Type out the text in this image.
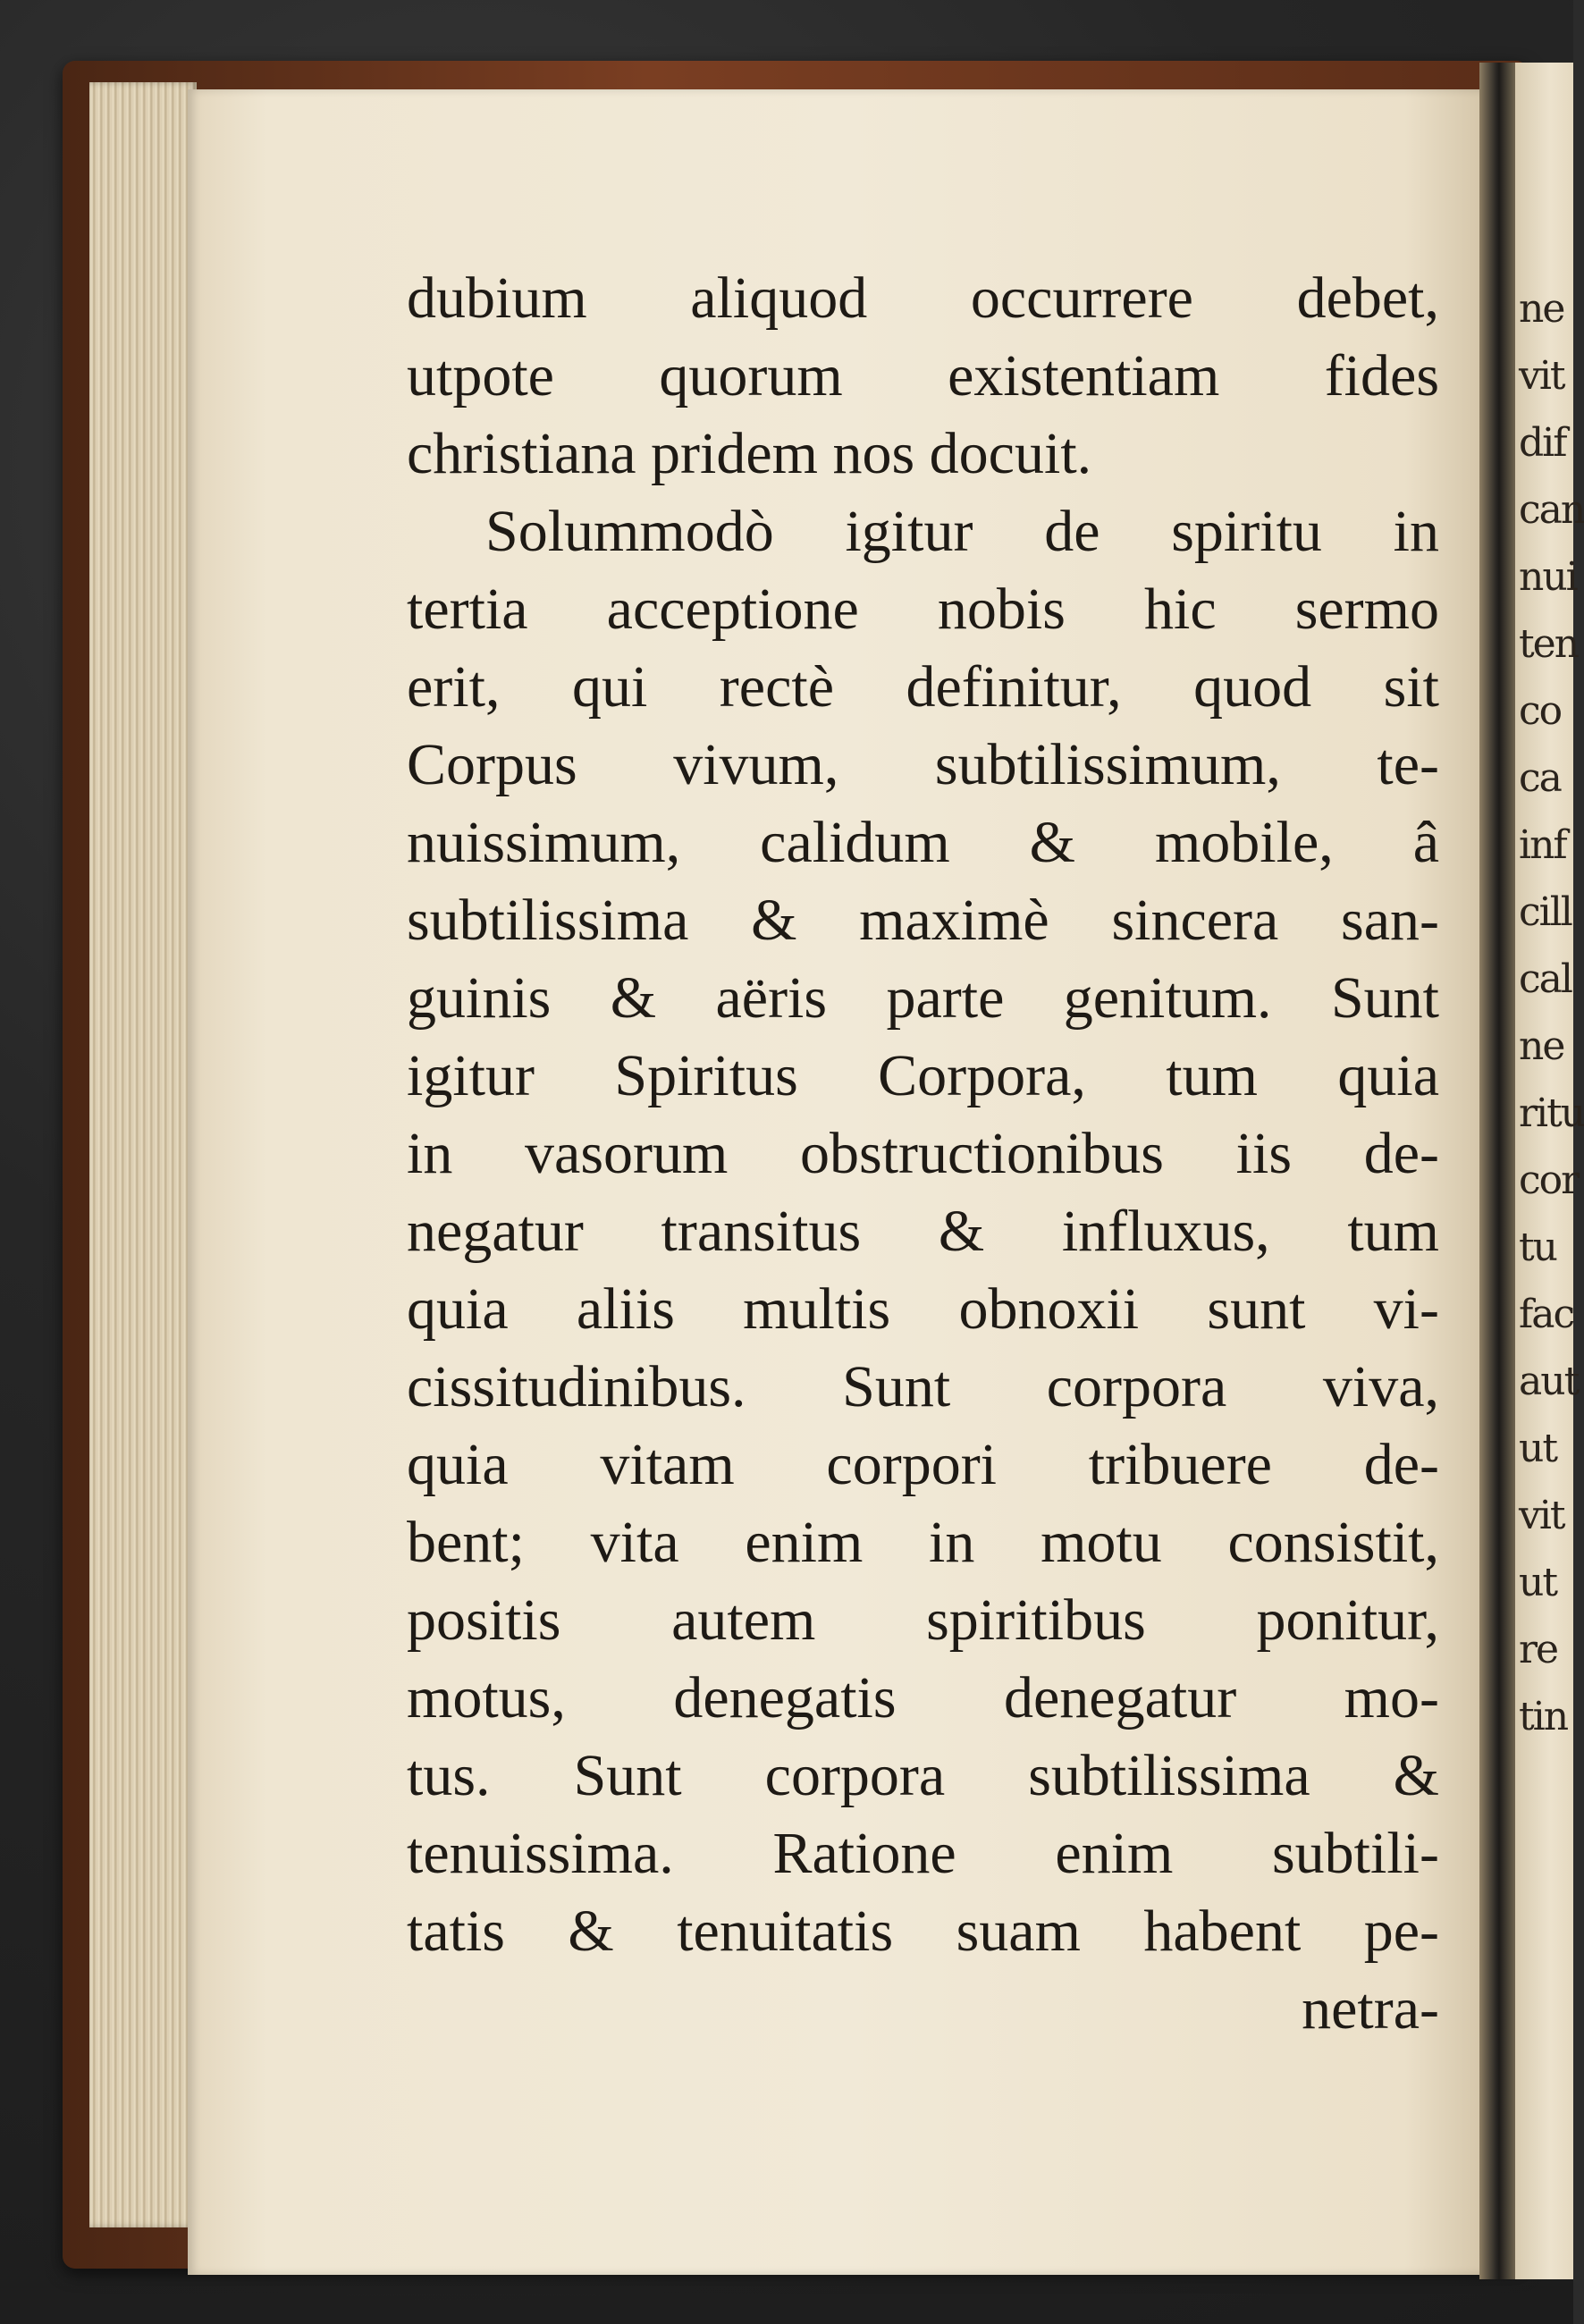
ne
vit
dif
can
nui
ten
co
ca
inf
cill
cal
ne
ritu
cor
tu
fac
aut
ut
vit
ut
re
tin
dubium aliquod occurrere debet,
utpote quorum existentiam fides
christiana pridem nos docuit.
Solummodò igitur de spiritu in
tertia acceptione nobis hic sermo
erit, qui rectè definitur, quod sit
Corpus vivum, subtilissimum, te-
nuissimum, calidum & mobile, â
subtilissima & maximè sincera san-
guinis & aëris parte genitum. Sunt
igitur Spiritus Corpora, tum quia
in vasorum obstructionibus iis de-
negatur transitus & influxus, tum
quia aliis multis obnoxii sunt vi-
cissitudinibus. Sunt corpora viva,
quia vitam corpori tribuere de-
bent; vita enim in motu consistit,
positis autem spiritibus ponitur,
motus, denegatis denegatur mo-
tus. Sunt corpora subtilissima &
tenuissima. Ratione enim subtili-
tatis & tenuitatis suam habent pe-
netra-
